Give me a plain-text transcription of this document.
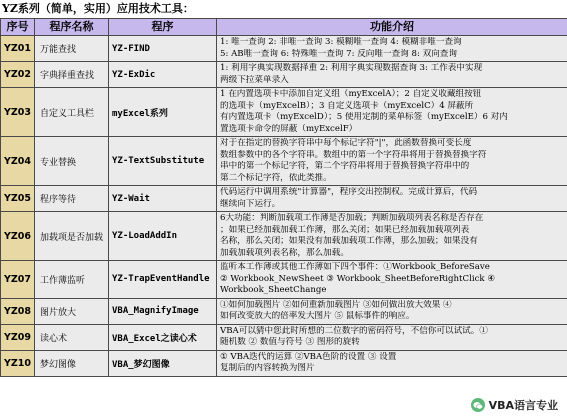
YZ系列（简单，实用）应用技术工具：
序号	程序名称	程序	功能介绍
YZ01	万能查找	YZ-FIND	1: 唯一查询 2: 非唯一查询 3: 模糊唯一查询 4: 模糊非唯一查询
5: AB唯一查询 6: 特殊唯一查询 7: 反向唯一查询 8: 双向查询

YZ02	字典择重查找	YZ-ExDic	1: 利用字典实现数据择重 2: 利用字典实现数据查询 3: 工作表中实现
两级下拉菜单录入

YZ03	自定义工具栏	myExcel系列	1 在内置选项卡中添加自定义组（myExcelA）；2 自定义收藏组按钮
的选项卡（myExcelB）；3 自定义选项卡（myExcelC）4 屏蔽所
有内置选项卡（myExcelD）；5 使用定制的菜单标签（myExcelE）6 对内
置选项卡命令的屏蔽（myExcelF）

YZ04	专业替换	YZ-TextSubstitute	对于在指定的替换字符串中每个标记字符"|"，此函数替换可变长度
数组参数中的各个字符串。数组中的第一个字符串将用于替换替换字符
串中的第一个标记字符，第二个字符串将用于替换替换字符串中的
第二个标记字符，依此类推。

YZ05	程序等待	YZ-Wait	代码运行中调用系统"计算器"，程序交出控制权。完成计算后，代码
继续向下运行。

YZ06	加载项是否加载	YZ-LoadAddIn	6大功能：判断加载项工作薄是否加载；判断加载项列表名称是否存在
；如果已经加载加载工作薄，那么关闭；如果已经加载加载项列表
名称，那么关闭；如果没有加载加载项工作薄，那么加载；如果没有
加载加载项列表名称，那么加载。

YZ07	工作薄监听	YZ-TrapEventHandle	监听本工作薄或其他工作薄如下四个事件：①Workbook_BeforeSave
② Workbook_NewSheet ③ Workbook_SheetBeforeRightClick ④
Workbook_SheetChange

YZ08	图片放大	VBA_MagnifyImage	①如何加载图片 ②如何重新加载图片 ③如何做出放大效果 ④
如何改变放大的倍率发大图片 ⑤ 鼠标事件的响应。

YZ09	读心术	VBA_Excel之读心术	VBA可以猜中您此时所想的二位数字的密码符号，不信你可以试试。①
随机数 ② 数值与符号 ③ 图形的旋转

YZ10	梦幻图像	VBA_梦幻图像	① VBA迭代的运算 ②VBA色阶的设置 ③ 设置
复制后的内容转换为图片
VBA语言专业
